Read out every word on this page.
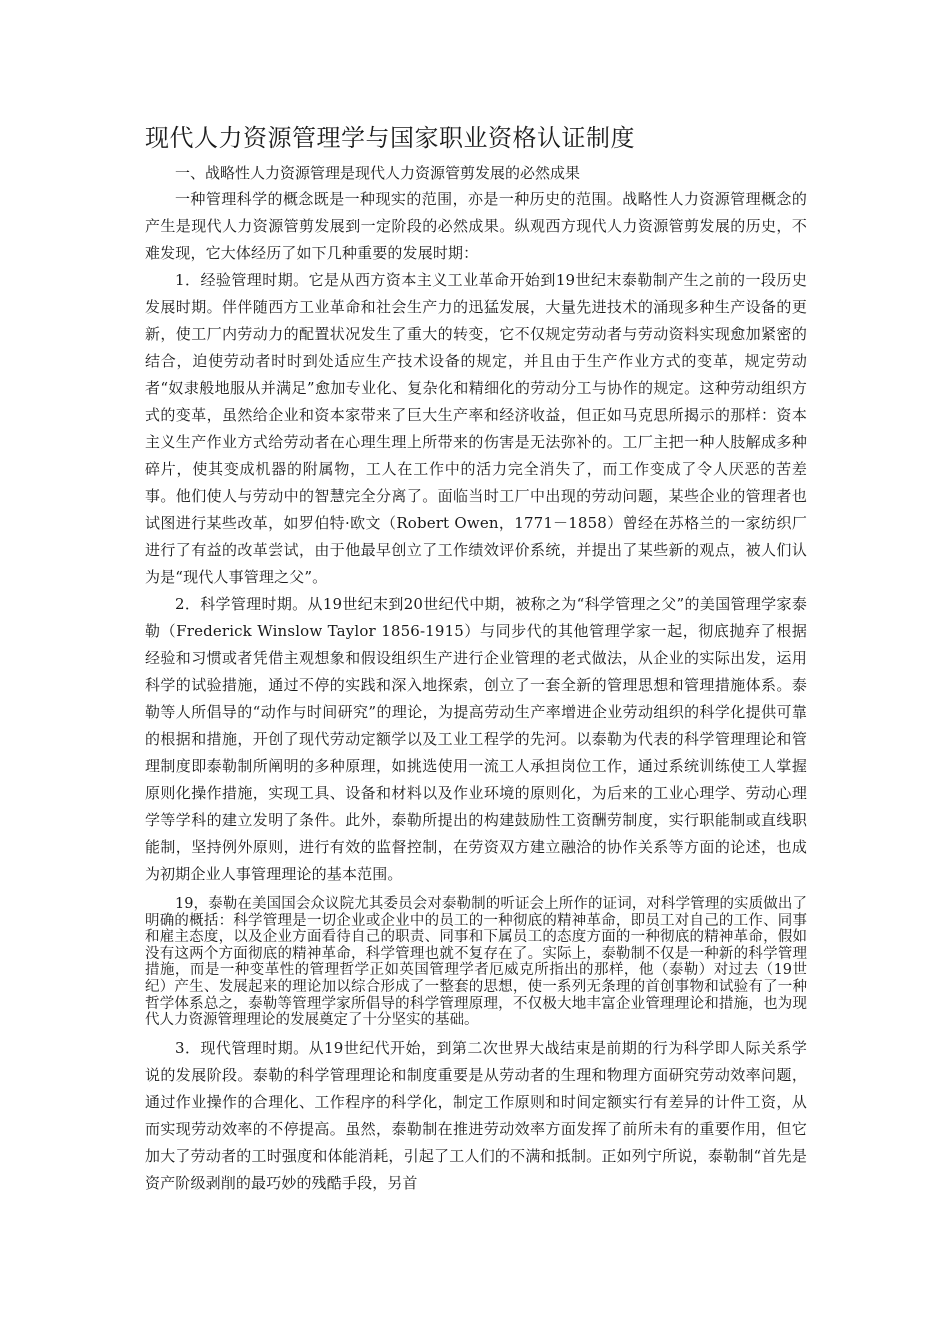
现代人力资源管理学与国家职业资格认证制度

一、战略性人力资源管理是现代人力资源管剪发展的必然成果

一种管理科学的概念既是一种现实的范围，亦是一种历史的范围。战略性人力资源管理概念的产生是现代人力资源管剪发展到一定阶段的必然成果。纵观西方现代人力资源管剪发展的历史，不难发现，它大体经历了如下几种重要的发展时期：

1．经验管理时期。它是从西方资本主义工业革命开始到19世纪末泰勒制产生之前的一段历史发展时期。伴伴随西方工业革命和社会生产力的迅猛发展，大量先进技术的涌现多种生产设备的更新，使工厂内劳动力的配置状况发生了重大的转变，它不仅规定劳动者与劳动资料实现愈加紧密的结合，迫使劳动者时时到处适应生产技术设备的规定，并且由于生产作业方式的变革，规定劳动者“奴隶般地服从并满足”愈加专业化、复杂化和精细化的劳动分工与协作的规定。这种劳动组织方式的变革，虽然给企业和资本家带来了巨大生产率和经济收益，但正如马克思所揭示的那样：资本主义生产作业方式给劳动者在心理生理上所带来的伤害是无法弥补的。工厂主把一种人肢解成多种碎片，使其变成机器的附属物，工人在工作中的活力完全消失了，而工作变成了令人厌恶的苦差事。他们使人与劳动中的智慧完全分离了。面临当时工厂中出现的劳动问题，某些企业的管理者也试图进行某些改革，如罗伯特·欧文（Robert Owen，1771－1858）曾经在苏格兰的一家纺织厂进行了有益的改革尝试，由于他最早创立了工作绩效评价系统，并提出了某些新的观点，被人们认为是“现代人事管理之父”。

2．科学管理时期。从19世纪末到20世纪代中期，被称之为“科学管理之父”的美国管理学家泰勒（Frederick Winslow Taylor 1856-1915）与同步代的其他管理学家一起，彻底抛弃了根据经验和习惯或者凭借主观想象和假设组织生产进行企业管理的老式做法，从企业的实际出发，运用科学的试验措施，通过不停的实践和深入地探索，创立了一套全新的管理思想和管理措施体系。泰勒等人所倡导的“动作与时间研究”的理论，为提高劳动生产率增进企业劳动组织的科学化提供可靠的根据和措施，开创了现代劳动定额学以及工业工程学的先河。以泰勒为代表的科学管理理论和管理制度即泰勒制所阐明的多种原理，如挑选使用一流工人承担岗位工作，通过系统训练使工人掌握原则化操作措施，实现工具、设备和材料以及作业环境的原则化，为后来的工业心理学、劳动心理学等学科的建立发明了条件。此外，泰勒所提出的构建鼓励性工资酬劳制度，实行职能制或直线职能制，坚持例外原则，进行有效的监督控制，在劳资双方建立融洽的协作关系等方面的论述，也成为初期企业人事管理理论的基本范围。

19，泰勒在美国国会众议院尤其委员会对泰勒制的听证会上所作的证词，对科学管理的实质做出了明确的概括：科学管理是一切企业或企业中的员工的一种彻底的精神革命，即员工对自己的工作、同事和雇主态度，以及企业方面看待自己的职责、同事和下属员工的态度方面的一种彻底的精神革命，假如没有这两个方面彻底的精神革命，科学管理也就不复存在了。实际上，泰勒制不仅是一种新的科学管理措施，而是一种变革性的管理哲学正如英国管理学者厄威克所指出的那样，他（泰勒）对过去（19世纪）产生、发展起来的理论加以综合形成了一整套的思想，使一系列无条理的首创事物和试验有了一种哲学体系总之，泰勒等管理学家所倡导的科学管理原理，不仅极大地丰富企业管理理论和措施，也为现代人力资源管理理论的发展奠定了十分坚实的基础。

3．现代管理时期。从19世纪代开始，到第二次世界大战结束是前期的行为科学即人际关系学说的发展阶段。泰勒的科学管理理论和制度重要是从劳动者的生理和物理方面研究劳动效率问题，通过作业操作的合理化、工作程序的科学化，制定工作原则和时间定额实行有差异的计件工资，从而实现劳动效率的不停提高。虽然，泰勒制在推进劳动效率方面发挥了前所未有的重要作用，但它加大了劳动者的工时强度和体能消耗，引起了工人们的不满和抵制。正如列宁所说，泰勒制“首先是资产阶级剥削的最巧妙的残酷手段，另首
